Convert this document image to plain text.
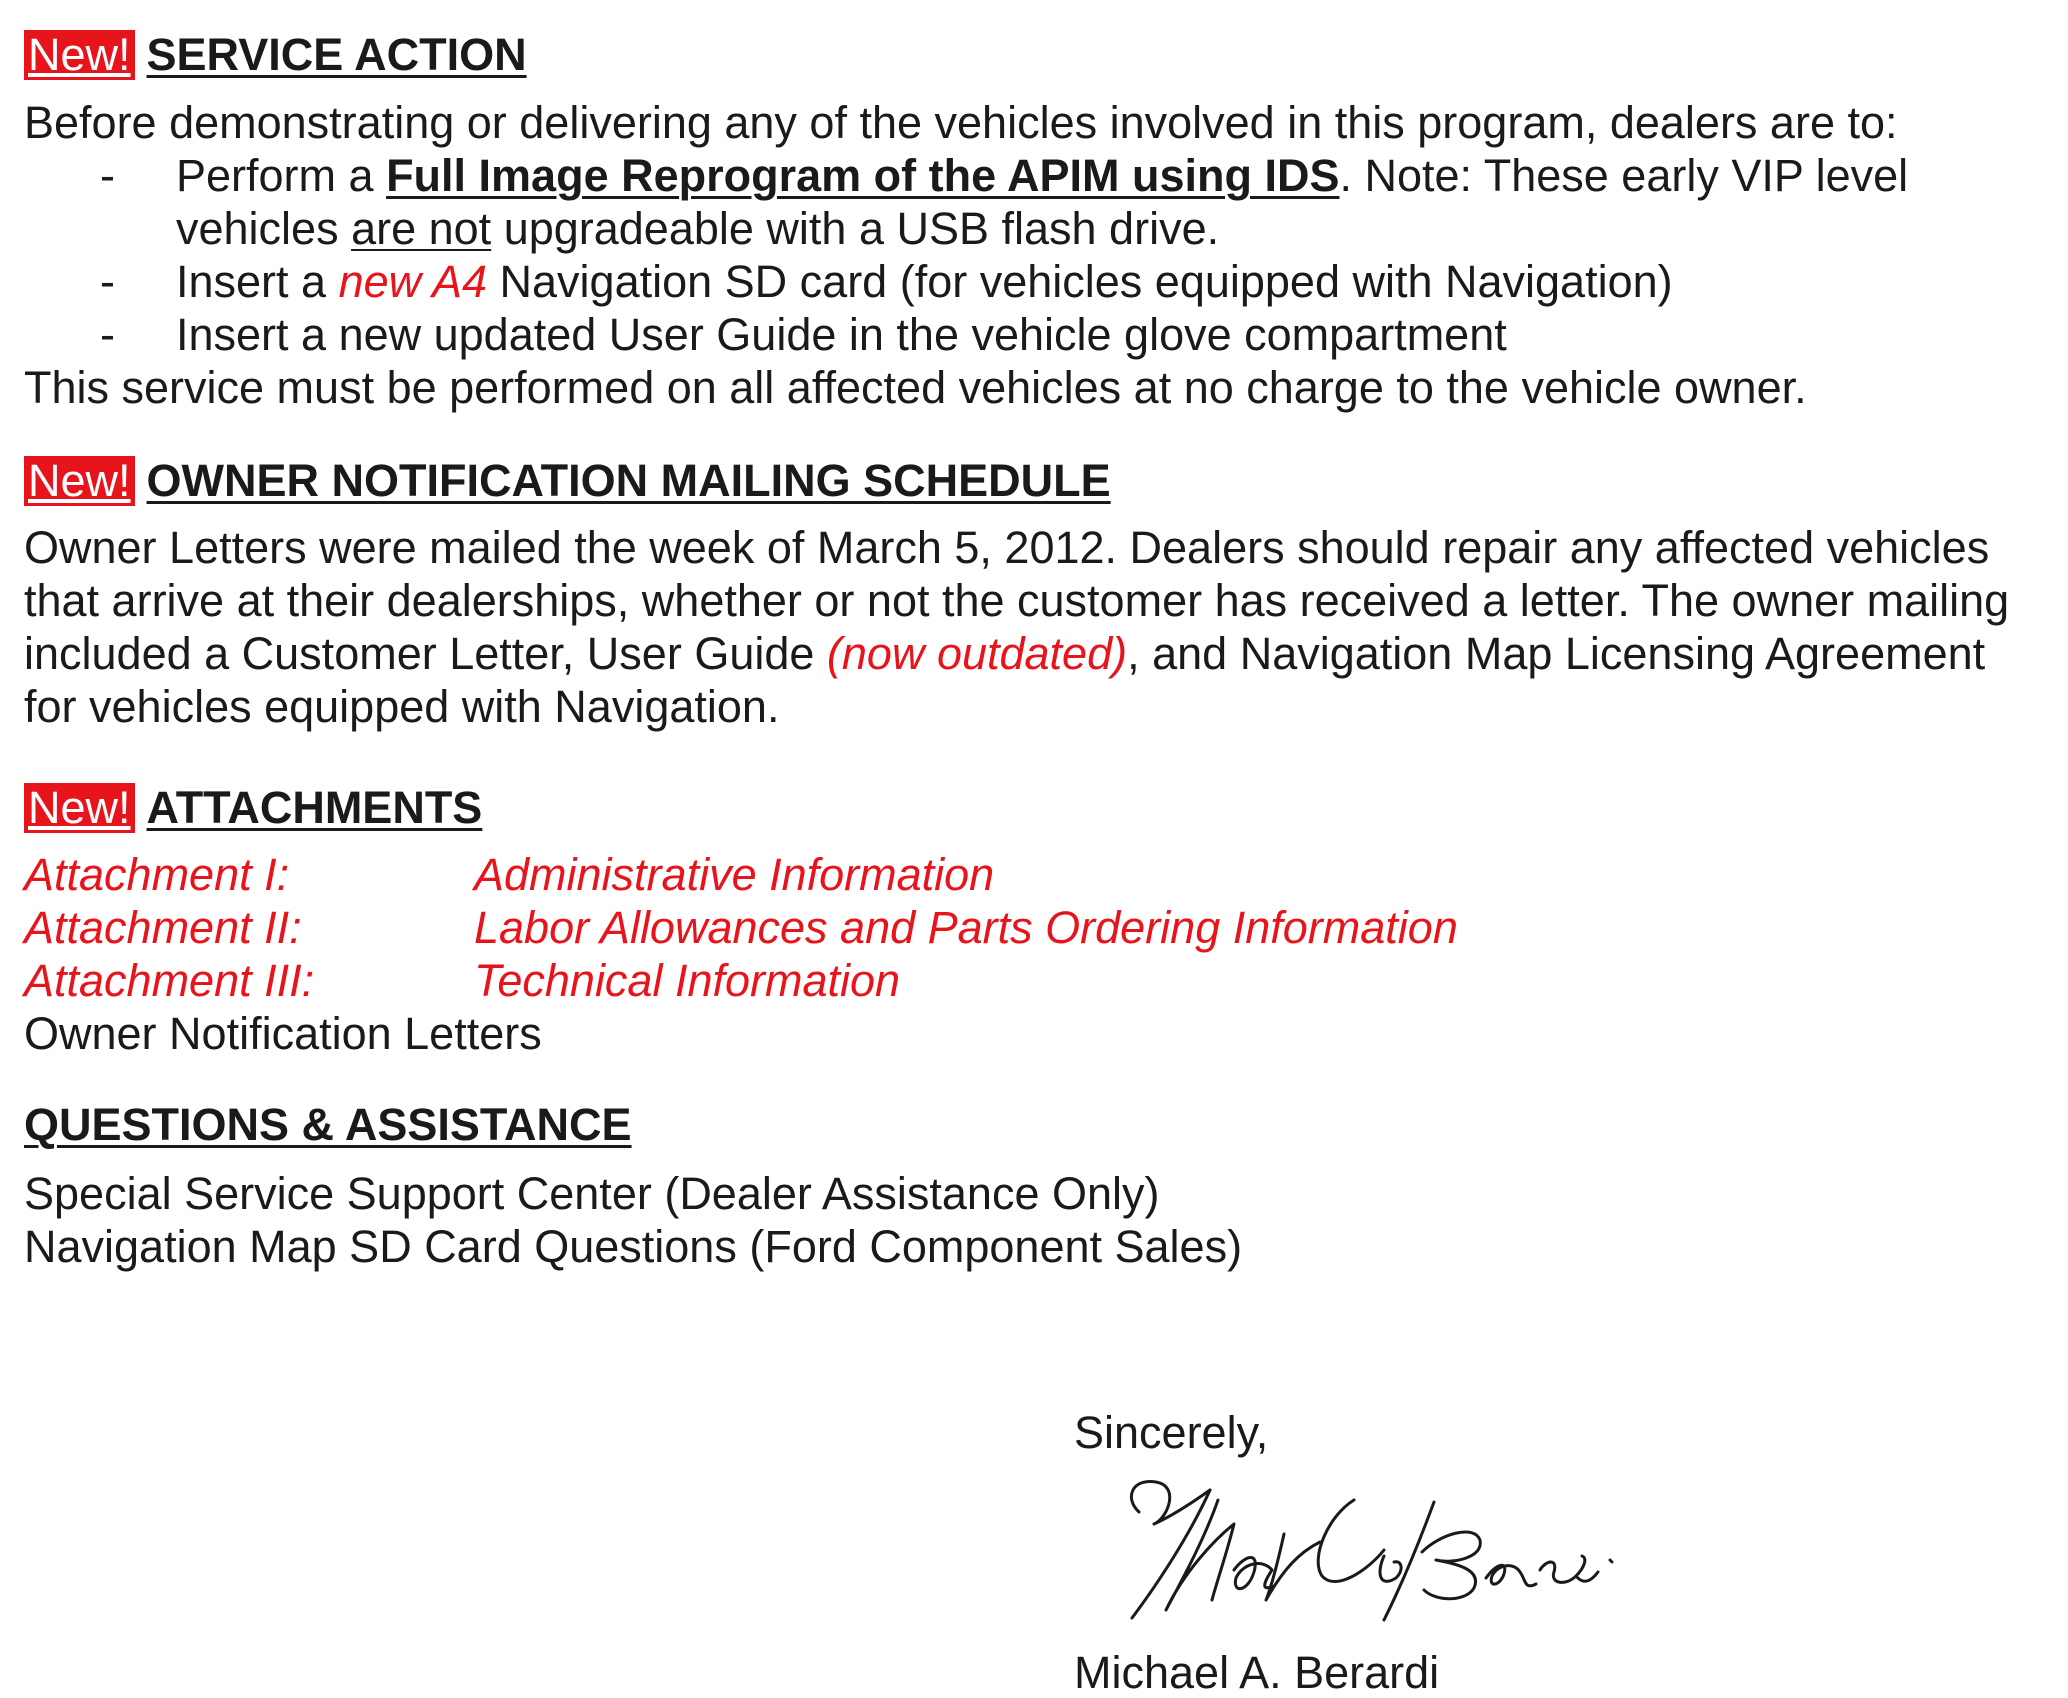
New! SERVICE ACTION
Before demonstrating or delivering any of the vehicles involved in this program, dealers are to:
- Perform a Full Image Reprogram of the APIM using IDS. Note: These early VIP level
vehicles are not upgradeable with a USB flash drive.
- Insert a new A4 Navigation SD card (for vehicles equipped with Navigation)
- Insert a new updated User Guide in the vehicle glove compartment
This service must be performed on all affected vehicles at no charge to the vehicle owner.
New! OWNER NOTIFICATION MAILING SCHEDULE
Owner Letters were mailed the week of March 5, 2012. Dealers should repair any affected vehicles
that arrive at their dealerships, whether or not the customer has received a letter. The owner mailing
included a Customer Letter, User Guide (now outdated), and Navigation Map Licensing Agreement
for vehicles equipped with Navigation.
New! ATTACHMENTS
Attachment I:	Administrative Information
Attachment II:	Labor Allowances and Parts Ordering Information
Attachment III:	Technical Information
Owner Notification Letters
QUESTIONS & ASSISTANCE
Special Service Support Center (Dealer Assistance Only)
Navigation Map SD Card Questions (Ford Component Sales)
Sincerely,
Michael A. Berardi
